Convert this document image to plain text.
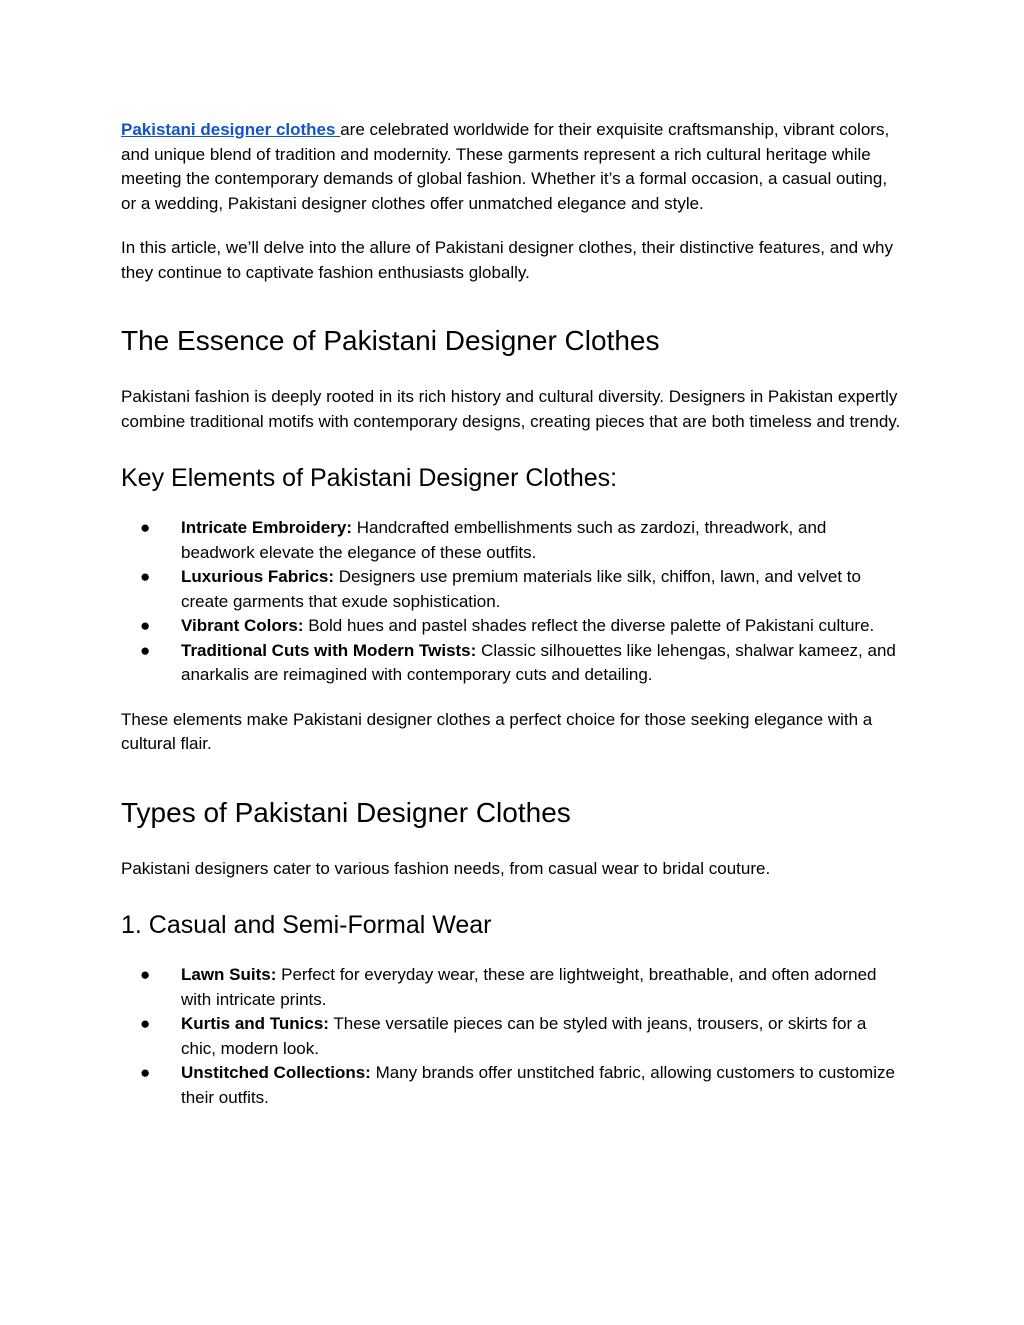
Pakistani designer clothes are celebrated worldwide for their exquisite craftsmanship, vibrant colors, and unique blend of tradition and modernity. These garments represent a rich cultural heritage while meeting the contemporary demands of global fashion. Whether it’s a formal occasion, a casual outing, or a wedding, Pakistani designer clothes offer unmatched elegance and style.

In this article, we’ll delve into the allure of Pakistani designer clothes, their distinctive features, and why they continue to captivate fashion enthusiasts globally.

The Essence of Pakistani Designer Clothes

Pakistani fashion is deeply rooted in its rich history and cultural diversity. Designers in Pakistan expertly combine traditional motifs with contemporary designs, creating pieces that are both timeless and trendy.

Key Elements of Pakistani Designer Clothes:
● Intricate Embroidery: Handcrafted embellishments such as zardozi, threadwork, and beadwork elevate the elegance of these outfits.
● Luxurious Fabrics: Designers use premium materials like silk, chiffon, lawn, and velvet to create garments that exude sophistication.
● Vibrant Colors: Bold hues and pastel shades reflect the diverse palette of Pakistani culture.
● Traditional Cuts with Modern Twists: Classic silhouettes like lehengas, shalwar kameez, and anarkalis are reimagined with contemporary cuts and detailing.

These elements make Pakistani designer clothes a perfect choice for those seeking elegance with a cultural flair.

Types of Pakistani Designer Clothes

Pakistani designers cater to various fashion needs, from casual wear to bridal couture.

1. Casual and Semi-Formal Wear
● Lawn Suits: Perfect for everyday wear, these are lightweight, breathable, and often adorned with intricate prints.
● Kurtis and Tunics: These versatile pieces can be styled with jeans, trousers, or skirts for a chic, modern look.
● Unstitched Collections: Many brands offer unstitched fabric, allowing customers to customize their outfits.
